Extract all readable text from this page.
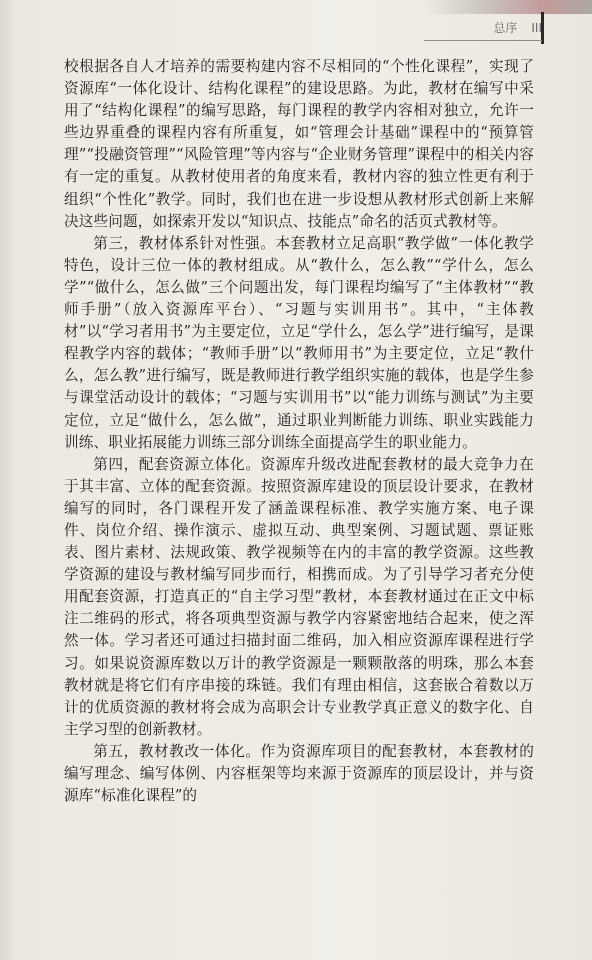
总序 III

校根据各自人才培养的需要构建内容不尽相同的“个性化课程”，实现了资源库“一体化设计、结构化课程”的建设思路。为此，教材在编写中采用了“结构化课程”的编写思路，每门课程的教学内容相对独立，允许一些边界重叠的课程内容有所重复，如“管理会计基础”课程中的“预算管理”“投融资管理”“风险管理”等内容与“企业财务管理”课程中的相关内容有一定的重复。从教材使用者的角度来看，教材内容的独立性更有利于组织“个性化”教学。同时，我们也在进一步设想从教材形式创新上来解决这些问题，如探索开发以“知识点、技能点”命名的活页式教材等。

第三，教材体系针对性强。本套教材立足高职“教学做”一体化教学特色，设计三位一体的教材组成。从“教什么，怎么教”“学什么，怎么学”“做什么，怎么做”三个问题出发，每门课程均编写了“主体教材”“教师手册”（放入资源库平台）、“习题与实训用书”。其中，“主体教材”以“学习者用书”为主要定位，立足“学什么，怎么学”进行编写，是课程教学内容的载体；“教师手册”以“教师用书”为主要定位，立足“教什么，怎么教”进行编写，既是教师进行教学组织实施的载体，也是学生参与课堂活动设计的载体；“习题与实训用书”以“能力训练与测试”为主要定位，立足“做什么，怎么做”，通过职业判断能力训练、职业实践能力训练、职业拓展能力训练三部分训练全面提高学生的职业能力。

第四，配套资源立体化。资源库升级改进配套教材的最大竞争力在于其丰富、立体的配套资源。按照资源库建设的顶层设计要求，在教材编写的同时，各门课程开发了涵盖课程标准、教学实施方案、电子课件、岗位介绍、操作演示、虚拟互动、典型案例、习题试题、票证账表、图片素材、法规政策、教学视频等在内的丰富的教学资源。这些教学资源的建设与教材编写同步而行，相携而成。为了引导学习者充分使用配套资源，打造真正的“自主学习型”教材，本套教材通过在正文中标注二维码的形式，将各项典型资源与教学内容紧密地结合起来，使之浑然一体。学习者还可通过扫描封面二维码，加入相应资源库课程进行学习。如果说资源库数以万计的教学资源是一颗颗散落的明珠，那么本套教材就是将它们有序串接的珠链。我们有理由相信，这套嵌合着数以万计的优质资源的教材将会成为高职会计专业教学真正意义的数字化、自主学习型的创新教材。

第五，教材教改一体化。作为资源库项目的配套教材，本套教材的编写理念、编写体例、内容框架等均来源于资源库的顶层设计，并与资源库“标准化课程”的
